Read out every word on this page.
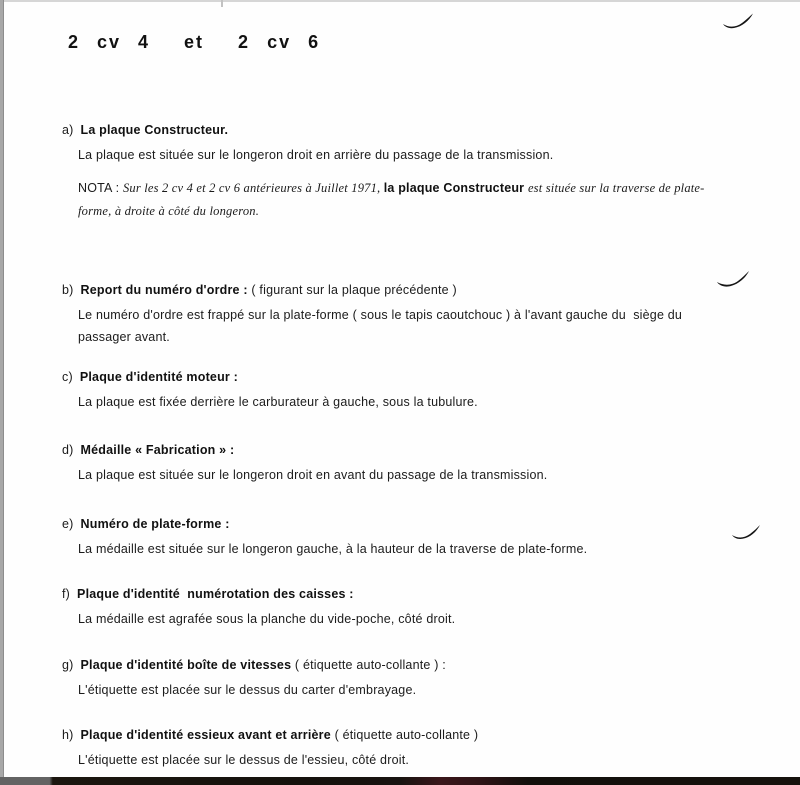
2 cv 4  et  2 cv 6
a) La plaque Constructeur.
La plaque est située sur le longeron droit en arrière du passage de la transmission.
NOTA : Sur les 2 cv 4 et 2 cv 6 antérieures à Juillet 1971, la plaque Constructeur est située sur la traverse de plate-forme, à droite à côté du longeron.
b) Report du numéro d'ordre : ( figurant sur la plaque précédente )
Le numéro d'ordre est frappé sur la plate-forme ( sous le tapis caoutchouc ) à l'avant gauche du  siège du passager avant.
c) Plaque d'identité moteur :
La plaque est fixée derrière le carburateur à gauche, sous la tubulure.
d) Médaille « Fabrication » :
La plaque est située sur le longeron droit en avant du passage de la transmission.
e) Numéro de plate-forme :
La médaille est située sur le longeron gauche, à la hauteur de la traverse de plate-forme.
f) Plaque d'identité  numérotation des caisses :
La médaille est agrafée sous la planche du vide-poche, côté droit.
g) Plaque d'identité boîte de vitesses ( étiquette auto-collante ) :
L'étiquette est placée sur le dessus du carter d'embrayage.
h) Plaque d'identité essieux avant et arrière ( étiquette auto-collante )
L'étiquette est placée sur le dessus de l'essieu, côté droit.
